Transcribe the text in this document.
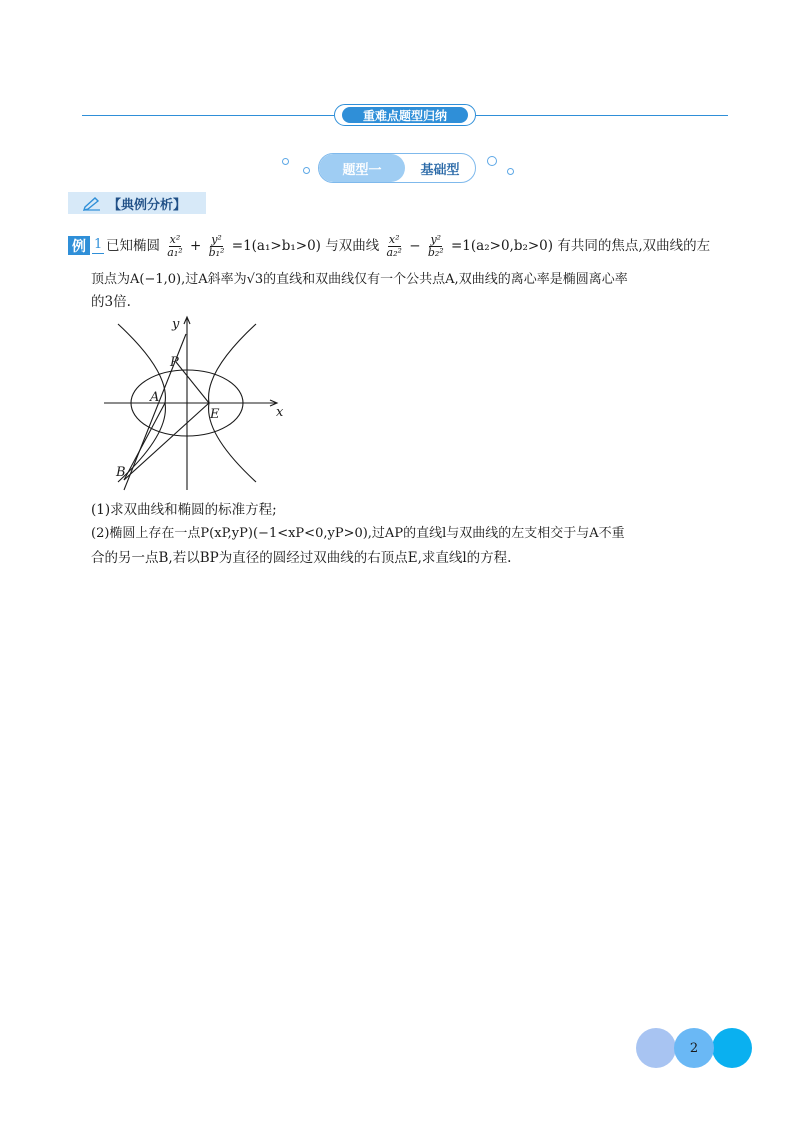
重难点题型归纳
题型一	基础型
【典例分析】
例 1 已知椭圆 $\frac{\text{x²}}{\text{a₁²}} + \frac{\text{y²}}{\text{b₁²}} =1(a_1>b_1>0)$ 与双曲线 $\frac{\text{x²}}{\text{a₂²}} - \frac{\text{y²}}{\text{b₂²}} =1(a_2>0,b_2>0)$ 有共同的焦点,双曲线的左
顶点为A(−1,0),过A斜率为√3的直线和双曲线仅有一个公共点A,双曲线的离心率是椭圆离心率
的3倍.
y
x
P
A
E
B
(1)求双曲线和椭圆的标准方程;
(2)椭圆上存在一点P(xP,yP)(−1<xP<0,yP>0),过AP的直线l与双曲线的左支相交于与A不重
合的另一点B,若以BP为直径的圆经过双曲线的右顶点E,求直线l的方程.
2
